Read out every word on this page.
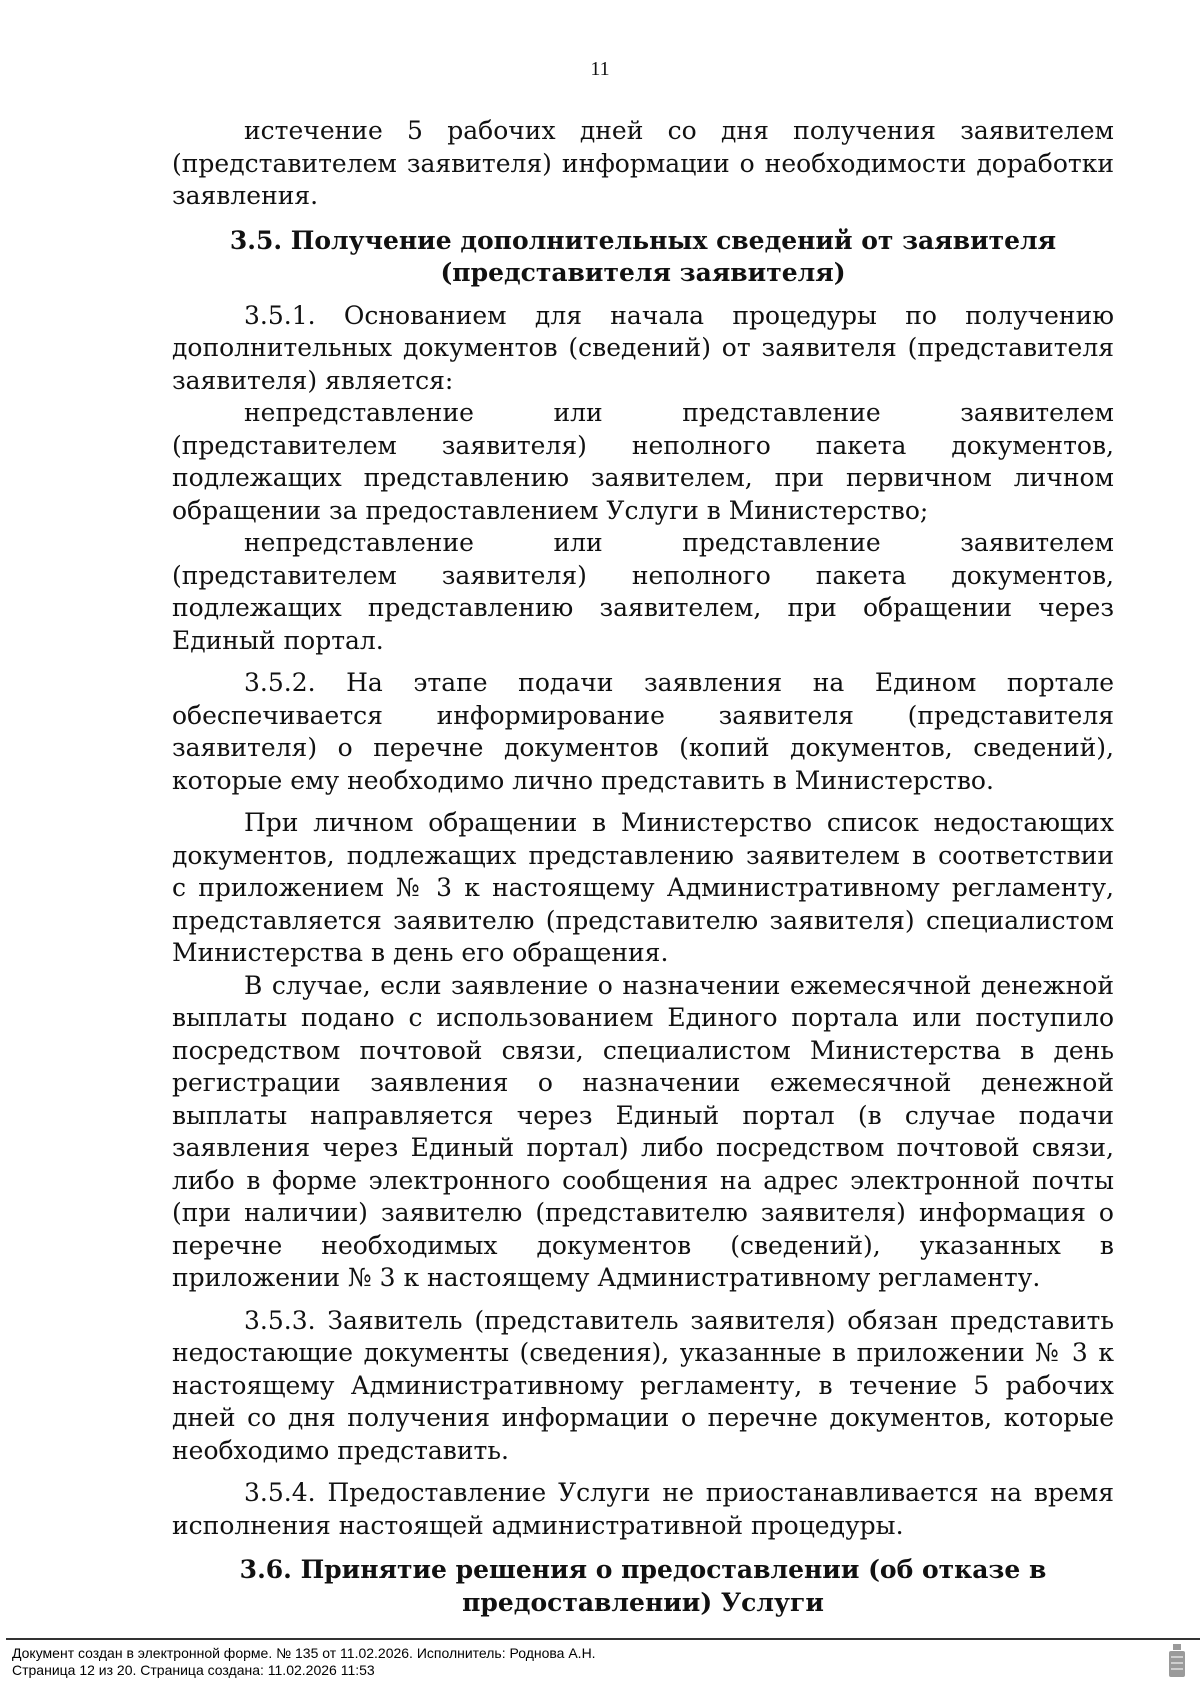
11

истечение 5 рабочих дней со дня получения заявителем (представителем заявителя) информации о необходимости доработки заявления.

3.5. Получение дополнительных сведений от заявителя (представителя заявителя)

3.5.1. Основанием для начала процедуры по получению дополнительных документов (сведений) от заявителя (представителя заявителя) является:

непредставление или представление заявителем (представителем заявителя) неполного пакета документов, подлежащих представлению заявителем, при первичном личном обращении за предоставлением Услуги в Министерство;

непредставление или представление заявителем (представителем заявителя) неполного пакета документов, подлежащих представлению заявителем, при обращении через Единый портал.

3.5.2. На этапе подачи заявления на Едином портале обеспечивается информирование заявителя (представителя заявителя) о перечне документов (копий документов, сведений), которые ему необходимо лично представить в Министерство.

При личном обращении в Министерство список недостающих документов, подлежащих представлению заявителем в соответствии с приложением № 3 к настоящему Административному регламенту, представляется заявителю (представителю заявителя) специалистом Министерства в день его обращения.

В случае, если заявление о назначении ежемесячной денежной выплаты подано с использованием Единого портала или поступило посредством почтовой связи, специалистом Министерства в день регистрации заявления о назначении ежемесячной денежной выплаты направляется через Единый портал (в случае подачи заявления через Единый портал) либо посредством почтовой связи, либо в форме электронного сообщения на адрес электронной почты (при наличии) заявителю (представителю заявителя) информация о перечне необходимых документов (сведений), указанных в приложении № 3 к настоящему Административному регламенту.

3.5.3. Заявитель (представитель заявителя) обязан представить недостающие документы (сведения), указанные в приложении № 3 к настоящему Административному регламенту, в течение 5 рабочих дней со дня получения информации о перечне документов, которые необходимо представить.

3.5.4. Предоставление Услуги не приостанавливается на время исполнения настоящей административной процедуры.

3.6. Принятие решения о предоставлении (об отказе в предоставлении) Услуги

Документ создан в электронной форме. № 135 от 11.02.2026. Исполнитель: Роднова А.Н.
Страница 12 из 20. Страница создана: 11.02.2026 11:53
